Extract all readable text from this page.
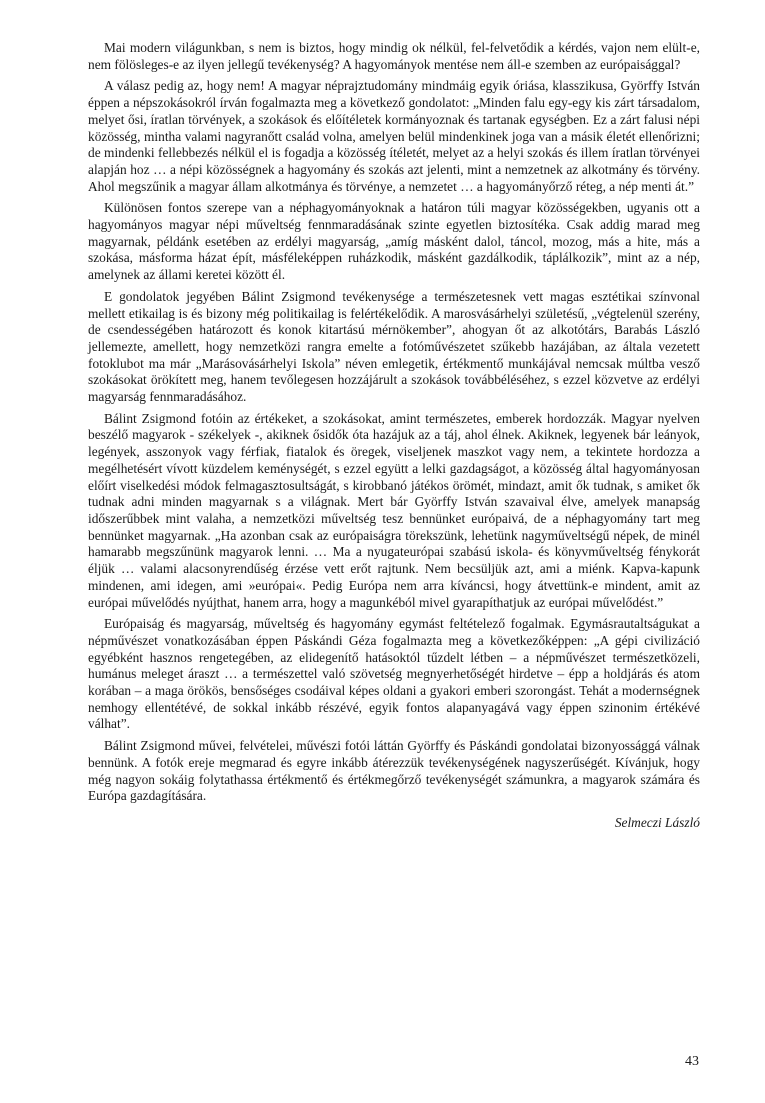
Mai modern világunkban, s nem is biztos, hogy mindig ok nélkül, fel-felvetődik a kérdés, vajon nem elült-e, nem fölösleges-e az ilyen jellegű tevékenység? A hagyományok mentése nem áll-e szemben az európaisággal?

A válasz pedig az, hogy nem! A magyar néprajztudomány mindmáig egyik óriása, klasszikusa, Györffy István éppen a népszokásokról írván fogalmazta meg a következő gondolatot: „Minden falu egy-egy kis zárt társadalom, melyet ősi, íratlan törvények, a szokások és előítéletek kormányoznak és tartanak egységben. Ez a zárt falusi népi közösség, mintha valami nagyranőtt család volna, amelyen belül mindenkinek joga van a másik életét ellenőrizni; de mindenki fellebbezés nélkül el is fogadja a közösség ítéletét, melyet az a helyi szokás és illem íratlan törvényei alapján hoz … a népi közösségnek a hagyomány és szokás azt jelenti, mint a nemzetnek az alkotmány és törvény. Ahol megszűnik a magyar állam alkotmánya és törvénye, a nemzetet … a hagyományőrző réteg, a nép menti át.”

Különösen fontos szerepe van a néphagyományoknak a határon túli magyar közösségekben, ugyanis ott a hagyományos magyar népi műveltség fennmaradásának szinte egyetlen biztosítéka. Csak addig marad meg magyarnak, példánk esetében az erdélyi magyarság, „amíg másként dalol, táncol, mozog, más a hite, más a szokása, másforma házat épít, másféleképpen ruházkodik, másként gazdálkodik, táplálkozik”, mint az a nép, amelynek az állami keretei között él.

E gondolatok jegyében Bálint Zsigmond tevékenysége a természetesnek vett magas esztétikai színvonal mellett etikailag is és bizony még politikailag is felértékelődik. A marosvásárhelyi születésű, „végtelenül szerény, de csendességében határozott és konok kitartású mérnökember”, ahogyan őt az alkotótárs, Barabás László jellemezte, amellett, hogy nemzetközi rangra emelte a fotóművészetet szűkebb hazájában, az általa vezetett fotoklubot ma már „Marásovásárhelyi Iskola” néven emlegetik, értékmentő munkájával nemcsak múltba vesző szokásokat örökített meg, hanem tevőlegesen hozzájárult a szokások továbbéléséhez, s ezzel közvetve az erdélyi magyarság fennmaradásához.

Bálint Zsigmond fotóin az értékeket, a szokásokat, amint természetes, emberek hordozzák. Magyar nyelven beszélő magyarok - székelyek -, akiknek ősidők óta hazájuk az a táj, ahol élnek. Akiknek, legyenek bár leányok, legények, asszonyok vagy férfiak, fiatalok és öregek, viseljenek maszkot vagy nem, a tekintete hordozza a megélhetésért vívott küzdelem keménységét, s ezzel együtt a lelki gazdagságot, a közösség által hagyományosan előírt viselkedési módok felmagasztosultságát, s kirobbanó játékos örömét, mindazt, amit ők tudnak, s amiket ők tudnak adni minden magyarnak s a világnak. Mert bár Györffy István szavaival élve, amelyek manapság időszerűbbek mint valaha, a nemzetközi műveltség tesz bennünket európaivá, de a néphagyomány tart meg bennünket magyarnak. „Ha azonban csak az európaiságra törekszünk, lehetünk nagyműveltségű népek, de minél hamarabb megszűnünk magyarok lenni. … Ma a nyugateurópai szabású iskola- és könyvműveltség fénykorát éljük … valami alacsonyrendűség érzése vett erőt rajtunk. Nem becsüljük azt, ami a miénk. Kapva-kapunk mindenen, ami idegen, ami »európai«. Pedig Európa nem arra kíváncsi, hogy átvettünk-e mindent, amit az európai művelődés nyújthat, hanem arra, hogy a magunkéból mivel gyarapíthatjuk az európai művelődést.”

Európaiság és magyarság, műveltség és hagyomány egymást feltételező fogalmak. Egymásrautaltságukat a népművészet vonatkozásában éppen Páskándi Géza fogalmazta meg a következőképpen: „A gépi civilizáció egyébként hasznos rengetegében, az elidegenítő hatásoktól tűzdelt létben – a népművészet természetközeli, humánus meleget áraszt … a természettel való szövetség megnyerhetőségét hirdetve – épp a holdjárás és atom korában – a maga örökös, bensőséges csodáival képes oldani a gyakori emberi szorongást. Tehát a modernségnek nemhogy ellentétévé, de sokkal inkább részévé, egyik fontos alapanyagává vagy éppen szinonim értékévé válhat”.

Bálint Zsigmond művei, felvételei, művészi fotói láttán Györffy és Páskándi gondolatai bizonyossággá válnak bennünk. A fotók ereje megmarad és egyre inkább átérezzük tevékenységének nagyszerűségét. Kívánjuk, hogy még nagyon sokáig folytathassa értékmentő és értékmegőrző tevékenységét számunkra, a magyarok számára és Európa gazdagítására.

Selmeczi László
43
